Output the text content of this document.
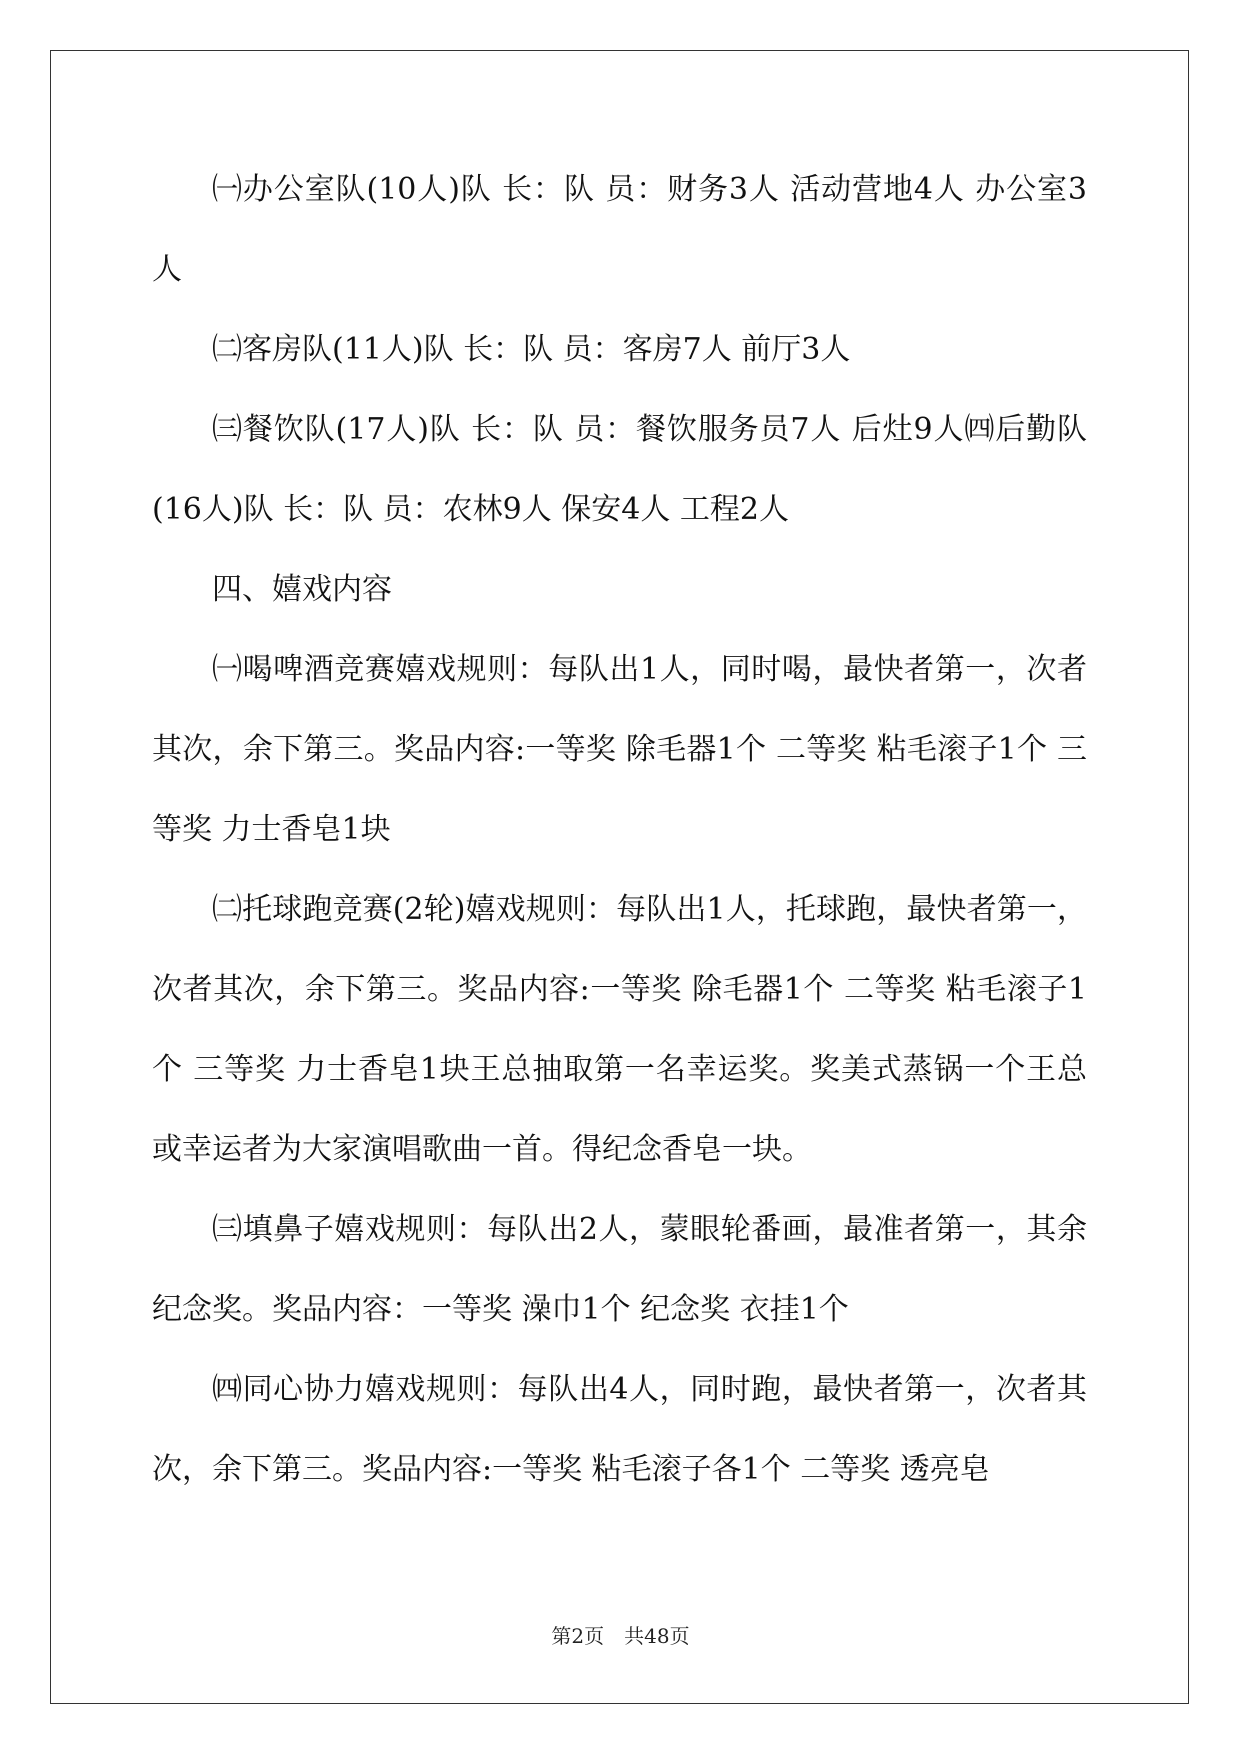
㈠办公室队(10人)队 长：队 员：财务3人 活动营地4人 办公室3人

㈡客房队(11人)队 长：队 员：客房7人 前厅3人

㈢餐饮队(17人)队 长：队 员：餐饮服务员7人 后灶9人㈣后勤队(16人)队 长：队 员：农林9人 保安4人 工程2人

四、嬉戏内容

㈠喝啤酒竞赛嬉戏规则：每队出1人，同时喝，最快者第一，次者其次，余下第三。奖品内容:一等奖 除毛器1个 二等奖 粘毛滚子1个 三等奖 力士香皂1块

㈡托球跑竞赛(2轮)嬉戏规则：每队出1人，托球跑，最快者第一，次者其次，余下第三。奖品内容:一等奖 除毛器1个 二等奖 粘毛滚子1个 三等奖 力士香皂1块王总抽取第一名幸运奖。奖美式蒸锅一个王总或幸运者为大家演唱歌曲一首。得纪念香皂一块。

㈢填鼻子嬉戏规则：每队出2人，蒙眼轮番画，最准者第一，其余纪念奖。奖品内容：一等奖 澡巾1个 纪念奖 衣挂1个

㈣同心协力嬉戏规则：每队出4人，同时跑，最快者第一，次者其次，余下第三。奖品内容:一等奖 粘毛滚子各1个 二等奖 透亮皂

第2页　共48页
